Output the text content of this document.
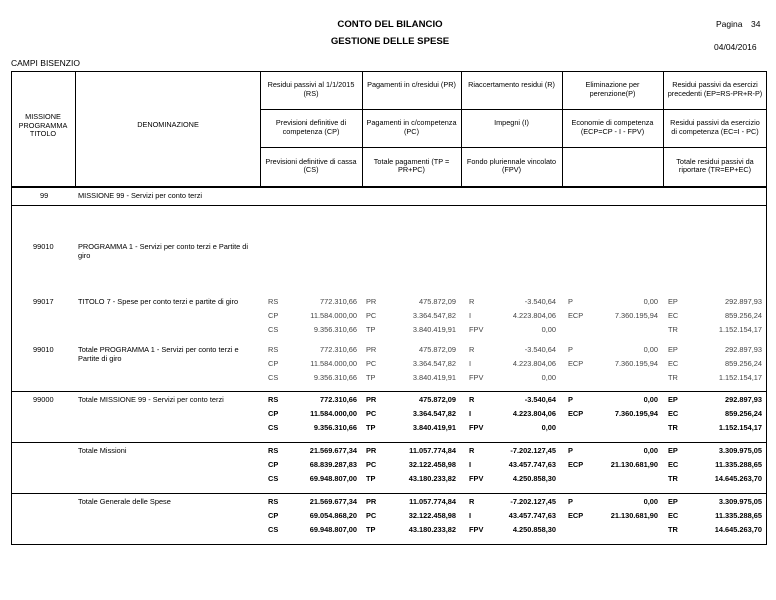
CONTO DEL BILANCIO
GESTIONE DELLE SPESE
Pagina 34
04/04/2016
CAMPI BISENZIO
MISSIONE PROGRAMMA TITOLO
DENOMINAZIONE
Residui passivi al 1/1/2015 (RS)
Pagamenti in c/residui (PR)	Riaccertamento residui (R)	Eliminazione per perenzione(P)
Residui passivi da esercizi precedenti (EP=RS-PR+R-P)
Previsioni definitive di competenza (CP)
Pagamenti in c/competenza (PC)
Impegni (I)	Economie di competenza (ECP=CP - I - FPV)
Residui passivi da esercizio di competenza (EC=I - PC)
Previsioni definitive di cassa (CS)
Totale pagamenti (TP = PR+PC)
Fondo pluriennale vincolato (FPV)
Totale residui passivi da riportare (TR=EP+EC)
99	MISSIONE 99 - Servizi per conto terzi
99010	PROGRAMMA 1 - Servizi per conto terzi e Partite di giro
99017	TITOLO 7 - Spese per conto terzi e partite di giro	RS	772.310,66 PR	475.872,09 R	-3.540,64 P	0,00 EP	292.897,93
CP	11.584.000,00 PC	3.364.547,82 I	4.223.804,06 ECP	7.360.195,94 EC	859.256,24
CS	9.356.310,66 TP	3.840.419,91 FPV	0,00	TR	1.152.154,17
99010	Totale PROGRAMMA 1 - Servizi per conto terzi e Partite di giro
RS	772.310,66 PR	475.872,09 R	-3.540,64 P	0,00 EP	292.897,93
CP	11.584.000,00 PC	3.364.547,82 I	4.223.804,06 ECP	7.360.195,94 EC	859.256,24
CS	9.356.310,66 TP	3.840.419,91 FPV	0,00	TR	1.152.154,17
99000	Totale MISSIONE 99 - Servizi per conto terzi	RS	772.310,66 PR	475.872,09 R	-3.540,64 P	0,00 EP	292.897,93
CP	11.584.000,00 PC	3.364.547,82 I	4.223.804,06 ECP	7.360.195,94 EC	859.256,24
CS	9.356.310,66 TP	3.840.419,91 FPV	0,00	TR	1.152.154,17
Totale Missioni	RS	21.569.677,34 PR	11.057.774,84 R	-7.202.127,45 P	0,00 EP	3.309.975,05
CP	68.839.287,83 PC	32.122.458,98 I	43.457.747,63 ECP	21.130.681,90 EC	11.335.288,65
CS	69.948.807,00 TP	43.180.233,82 FPV	4.250.858,30	TR	14.645.263,70
Totale Generale delle Spese	RS	21.569.677,34 PR	11.057.774,84 R	-7.202.127,45 P	0,00 EP	3.309.975,05
CP	69.054.868,20 PC	32.122.458,98 I	43.457.747,63 ECP	21.130.681,90 EC	11.335.288,65
CS	69.948.807,00 TP	43.180.233,82 FPV	4.250.858,30	TR	14.645.263,70
